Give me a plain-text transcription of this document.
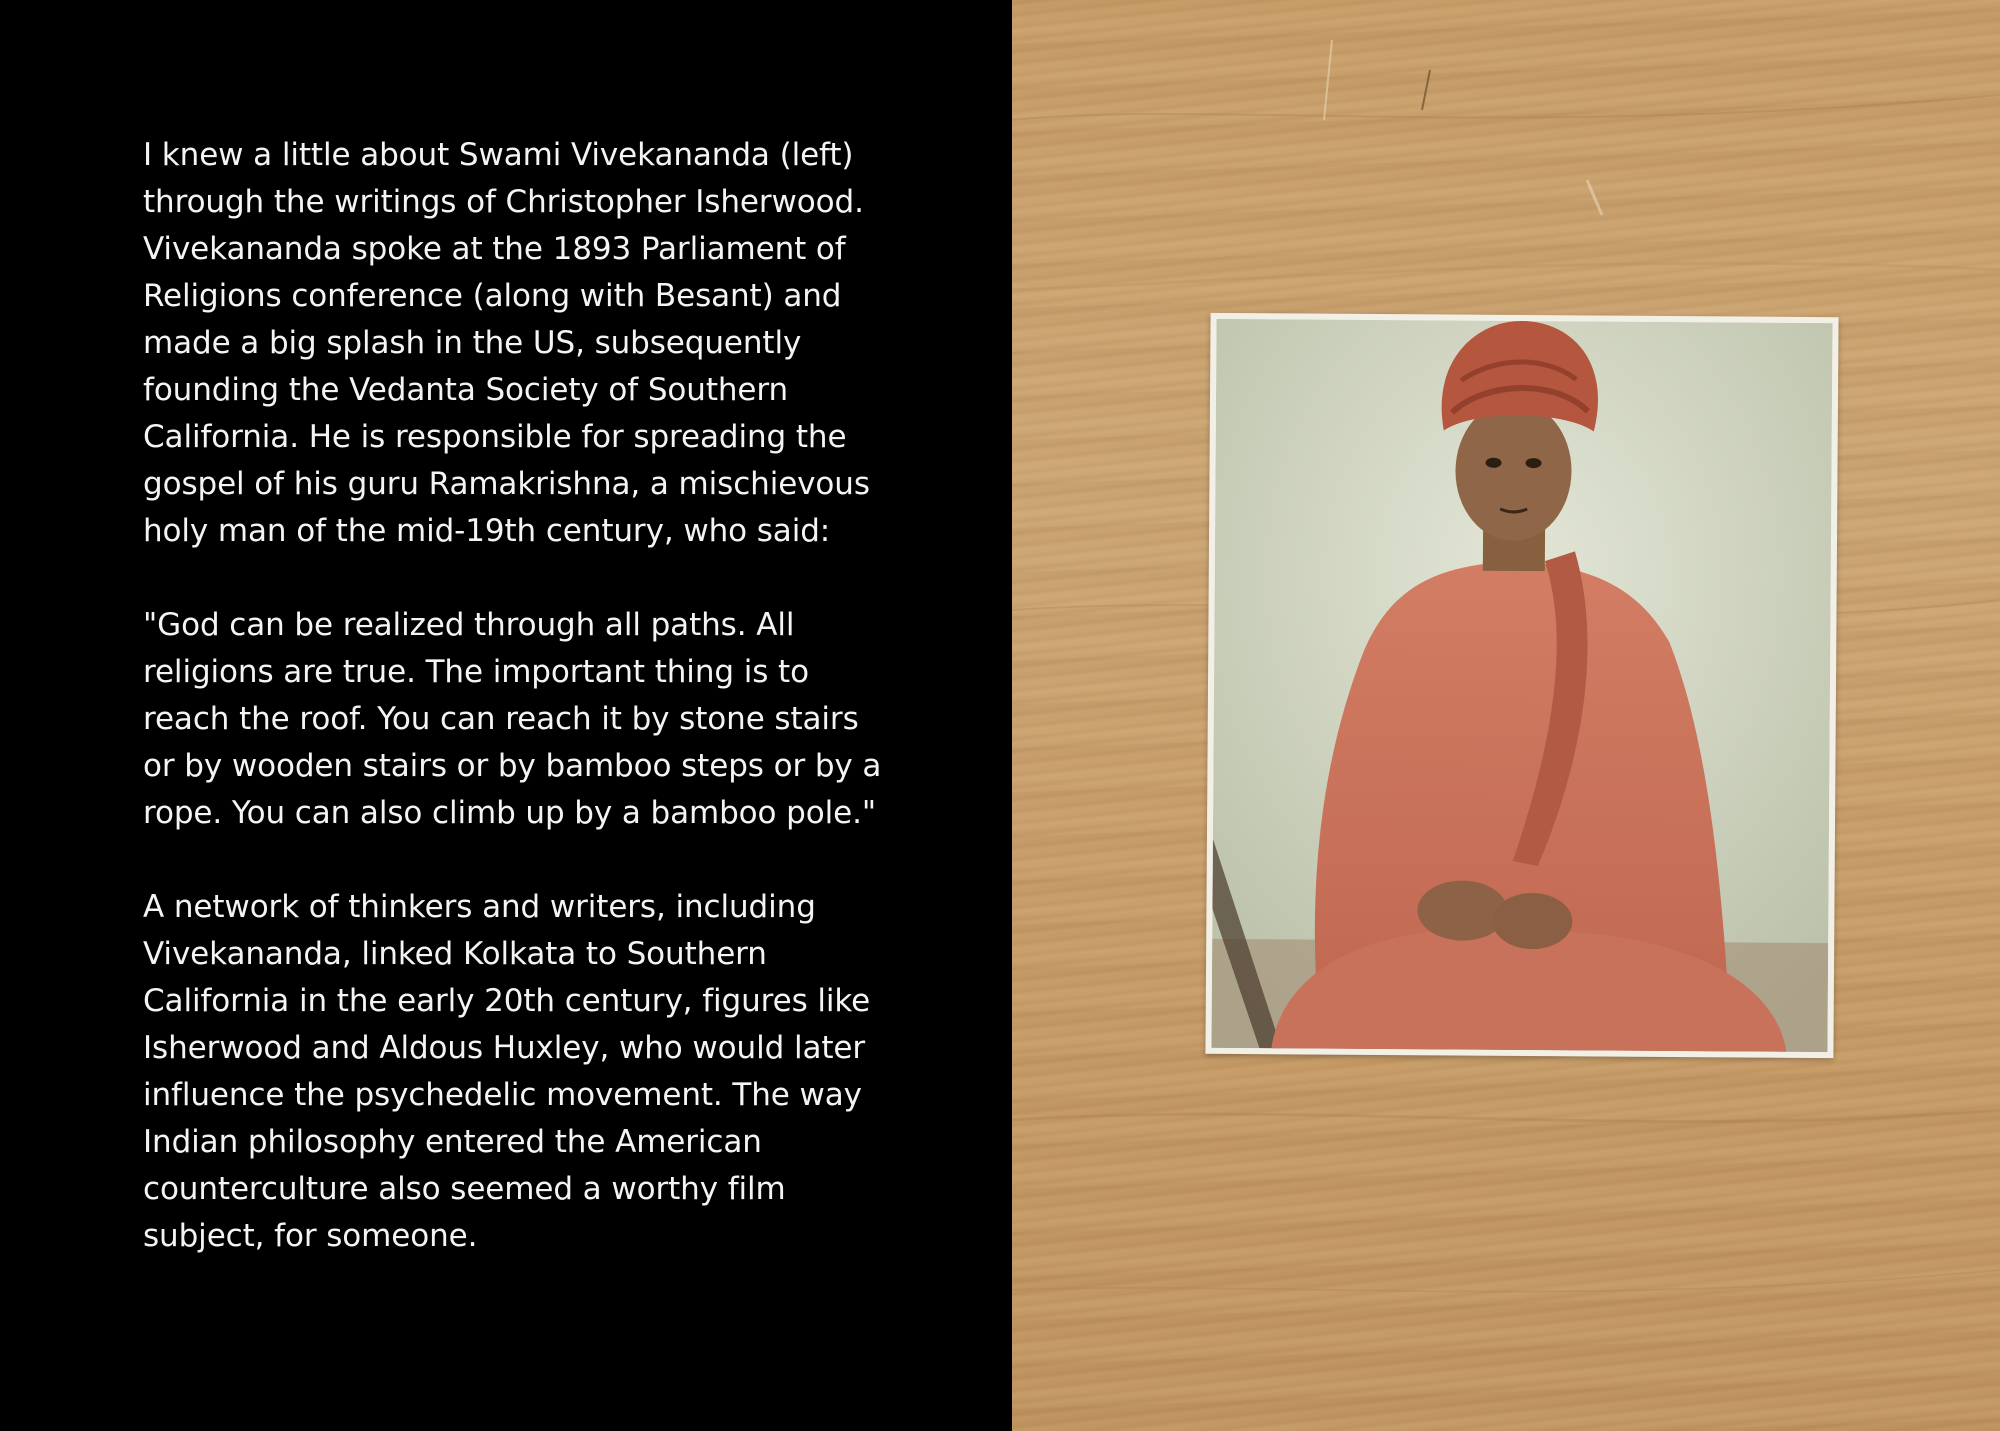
I knew a little about Swami Vivekananda (left) through the writings of Christopher Isherwood. Vivekananda spoke at the 1893 Parliament of Religions conference (along with Besant) and made a big splash in the US, subsequently founding the Vedanta Society of Southern California. He is responsible for spreading the gospel of his guru Ramakrishna, a mischievous holy man of the mid-19th century, who said:

"God can be realized through all paths. All religions are true. The important thing is to reach the roof. You can reach it by stone stairs or by wooden stairs or by bamboo steps or by a rope. You can also climb up by a bamboo pole."

A network of thinkers and writers, including Vivekananda, linked Kolkata to Southern California in the early 20th century, figures like Isherwood and Aldous Huxley, who would later influence the psychedelic movement. The way Indian philosophy entered the American counterculture also seemed a worthy film subject, for someone.
